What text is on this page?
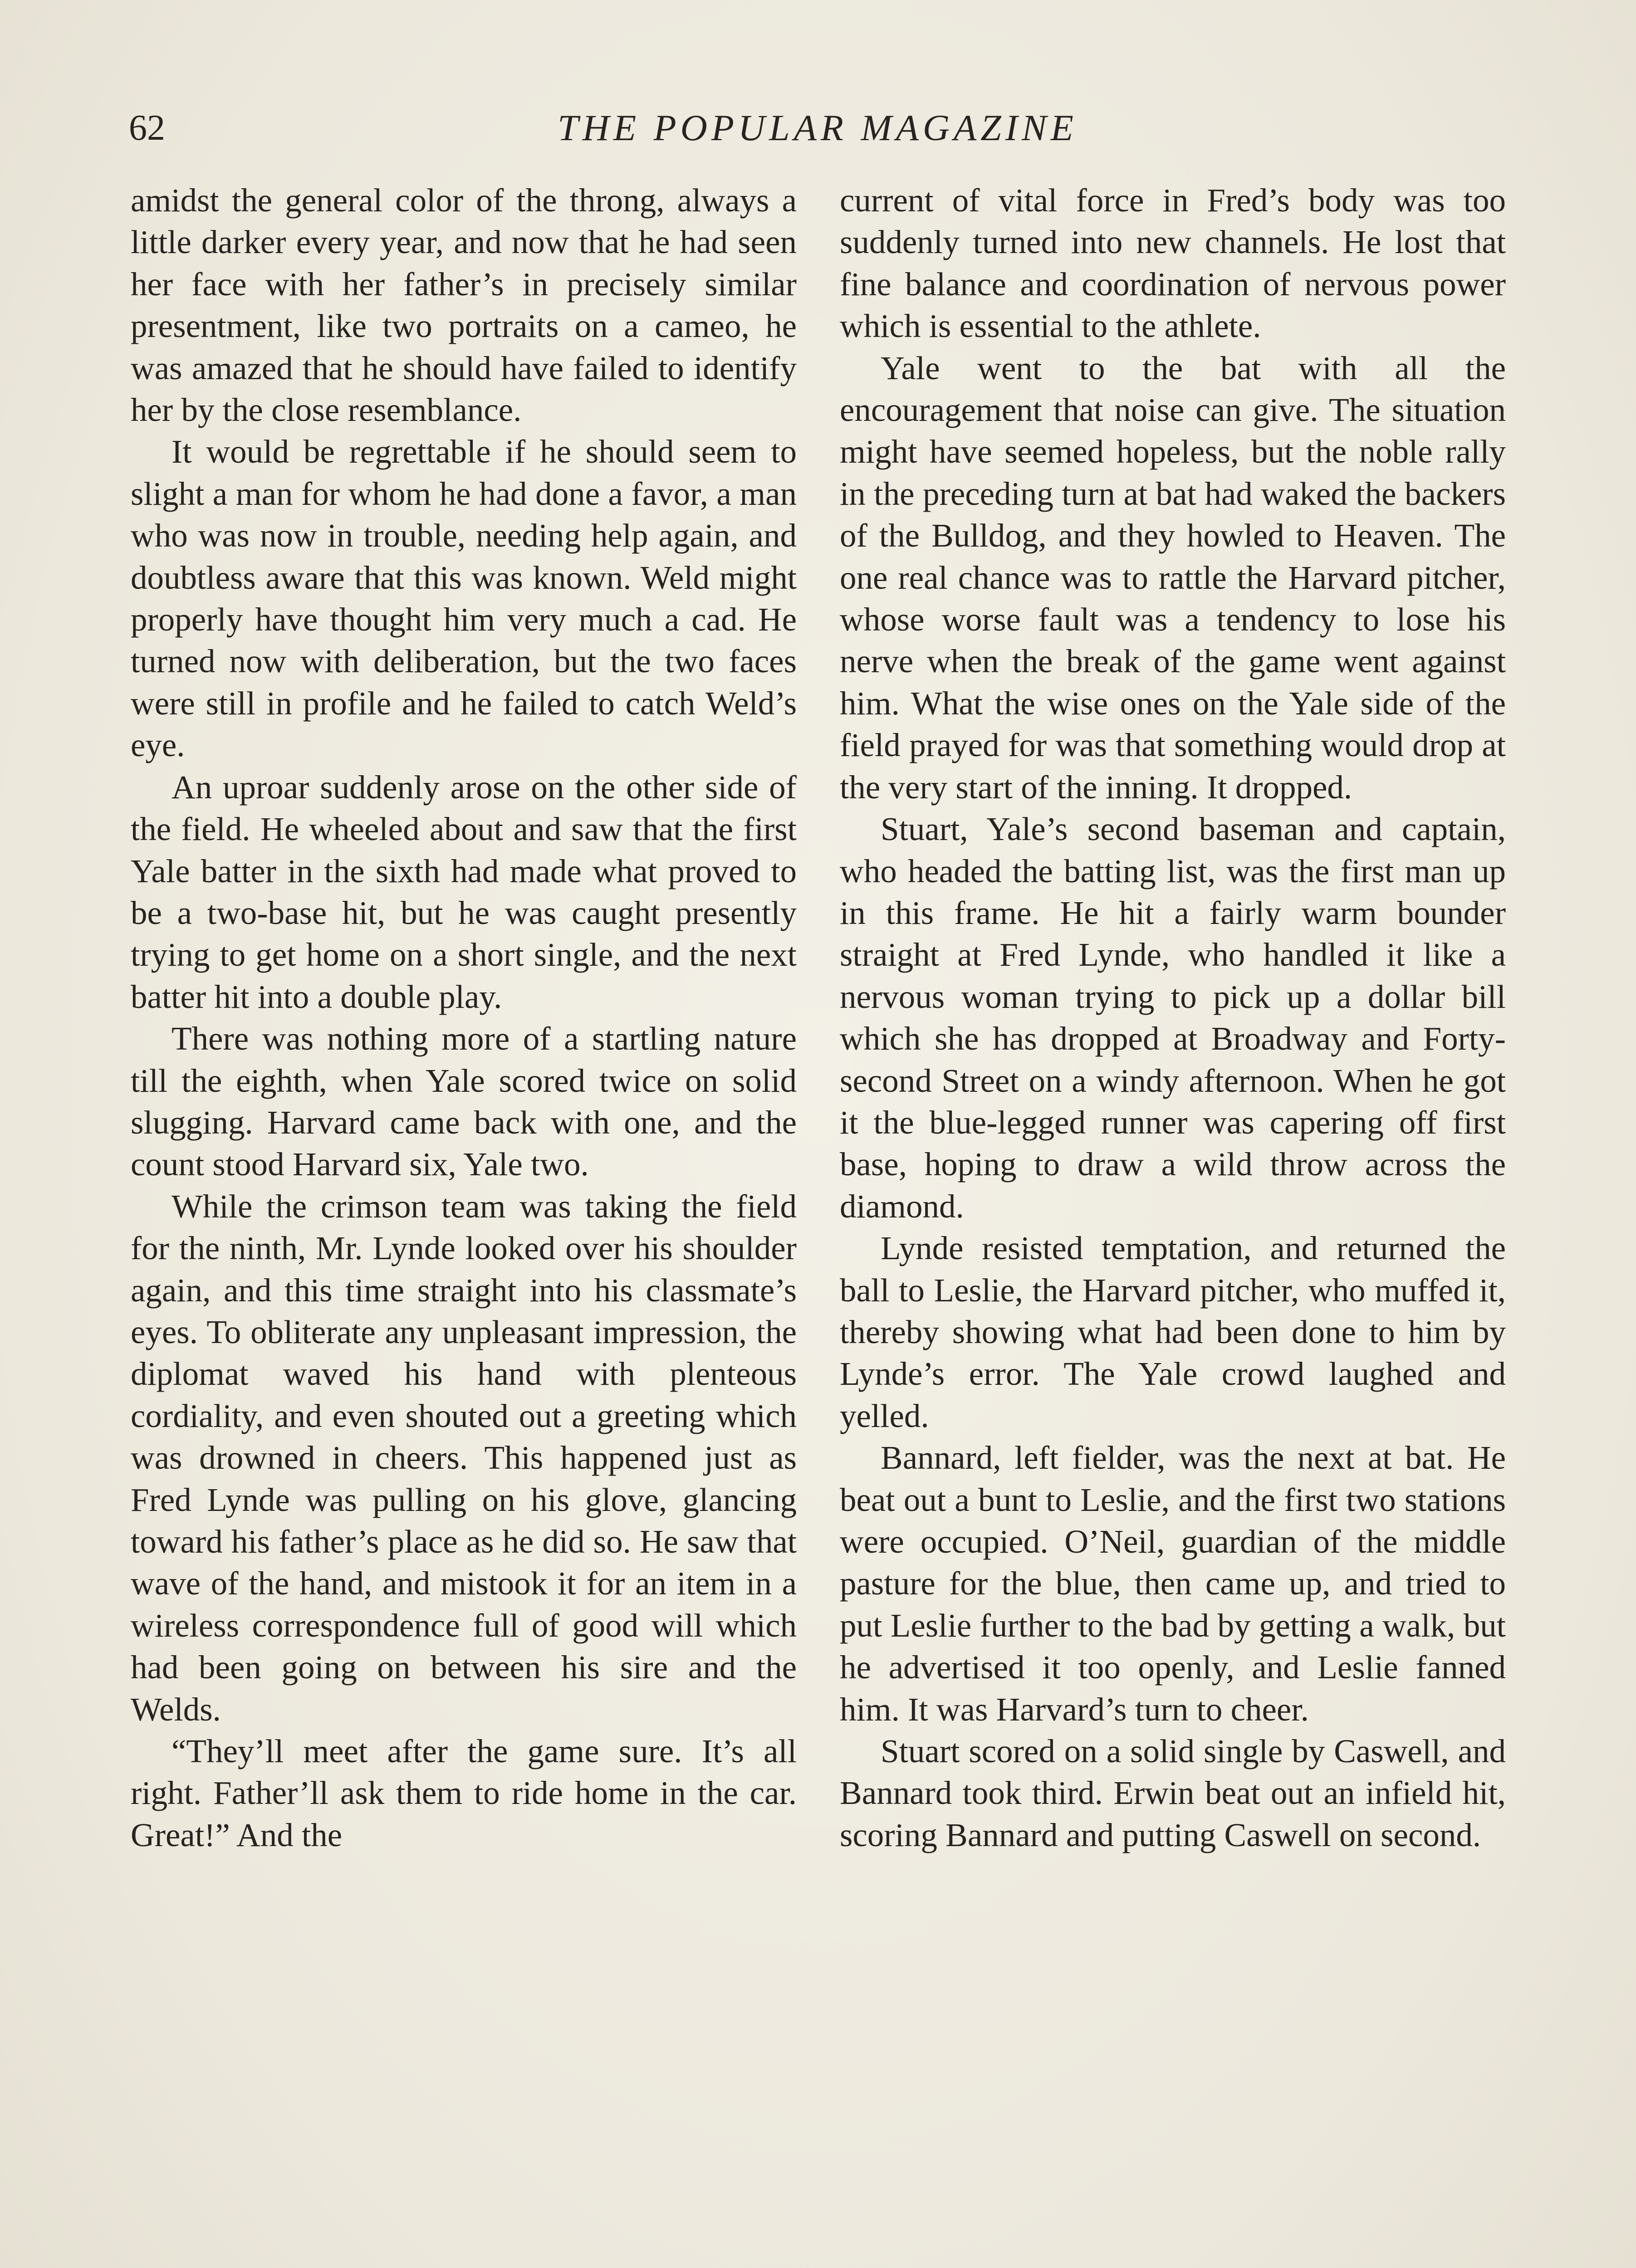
62	THE POPULAR MAGAZINE

amidst the general color of the throng, always a little darker every year, and now that he had seen her face with her father’s in precisely similar presentment, like two portraits on a cameo, he was amazed that he should have failed to identify her by the close resemblance.

It would be regrettable if he should seem to slight a man for whom he had done a favor, a man who was now in trouble, needing help again, and doubtless aware that this was known. Weld might properly have thought him very much a cad. He turned now with deliberation, but the two faces were still in profile and he failed to catch Weld’s eye.

An uproar suddenly arose on the other side of the field. He wheeled about and saw that the first Yale batter in the sixth had made what proved to be a two-base hit, but he was caught presently trying to get home on a short single, and the next batter hit into a double play.

There was nothing more of a startling nature till the eighth, when Yale scored twice on solid slugging. Harvard came back with one, and the count stood Harvard six, Yale two.

While the crimson team was taking the field for the ninth, Mr. Lynde looked over his shoulder again, and this time straight into his classmate’s eyes. To obliterate any unpleasant impression, the diplomat waved his hand with plenteous cordiality, and even shouted out a greeting which was drowned in cheers. This happened just as Fred Lynde was pulling on his glove, glancing toward his father’s place as he did so. He saw that wave of the hand, and mistook it for an item in a wireless correspondence full of good will which had been going on between his sire and the Welds.

“They’ll meet after the game sure. It’s all right. Father’ll ask them to ride home in the car. Great!” And the

current of vital force in Fred’s body was too suddenly turned into new channels. He lost that fine balance and coordination of nervous power which is essential to the athlete.

Yale went to the bat with all the encouragement that noise can give. The situation might have seemed hopeless, but the noble rally in the preceding turn at bat had waked the backers of the Bulldog, and they howled to Heaven. The one real chance was to rattle the Harvard pitcher, whose worse fault was a tendency to lose his nerve when the break of the game went against him. What the wise ones on the Yale side of the field prayed for was that something would drop at the very start of the inning. It dropped.

Stuart, Yale’s second baseman and captain, who headed the batting list, was the first man up in this frame. He hit a fairly warm bounder straight at Fred Lynde, who handled it like a nervous woman trying to pick up a dollar bill which she has dropped at Broadway and Forty-second Street on a windy afternoon. When he got it the blue-legged runner was capering off first base, hoping to draw a wild throw across the diamond.

Lynde resisted temptation, and returned the ball to Leslie, the Harvard pitcher, who muffed it, thereby showing what had been done to him by Lynde’s error. The Yale crowd laughed and yelled.

Bannard, left fielder, was the next at bat. He beat out a bunt to Leslie, and the first two stations were occupied. O’Neil, guardian of the middle pasture for the blue, then came up, and tried to put Leslie further to the bad by getting a walk, but he advertised it too openly, and Leslie fanned him. It was Harvard’s turn to cheer.

Stuart scored on a solid single by Caswell, and Bannard took third. Erwin beat out an infield hit, scoring Bannard and putting Caswell on second.
